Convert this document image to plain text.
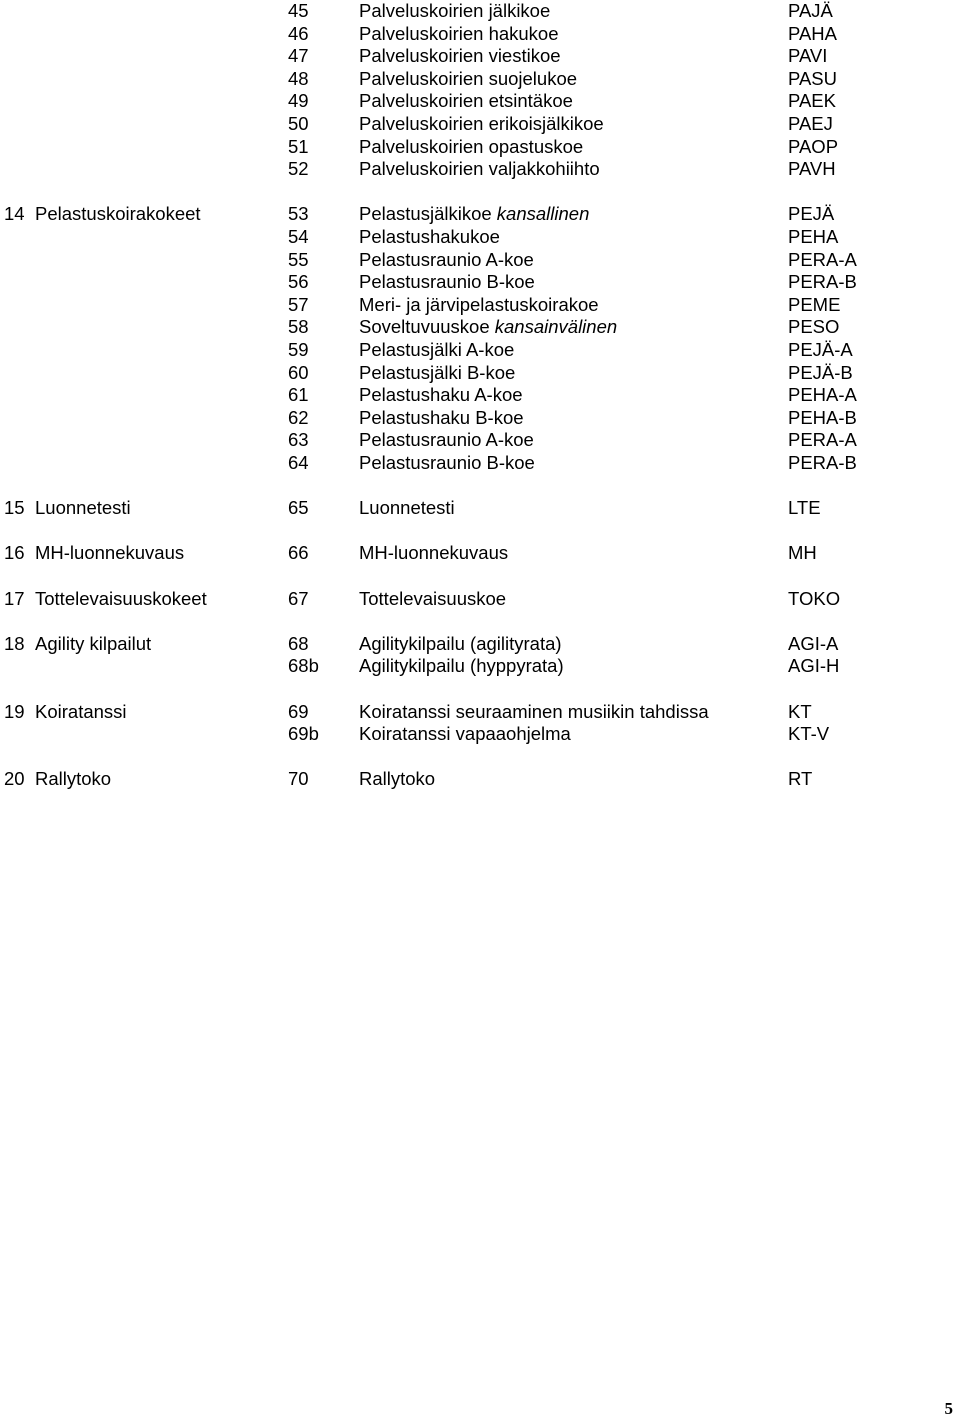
45	Palveluskoirien jälkikoe	PAJÄ
46	Palveluskoirien hakukoe	PAHA
47	Palveluskoirien viestikoe	PAVI
48	Palveluskoirien suojelukoe	PASU
49	Palveluskoirien etsintäkoe	PAEK
50	Palveluskoirien erikoisjälkikoe	PAEJ
51	Palveluskoirien opastuskoe	PAOP
52	Palveluskoirien valjakkohiihto	PAVH
14 Pelastuskoirakokeet	53	Pelastusjälkikoe kansallinen	PEJÄ
54	Pelastushakukoe	PEHA
55	Pelastusraunio A-koe	PERA-A
56	Pelastusraunio B-koe	PERA-B
57	Meri- ja järvipelastuskoirakoe	PEME
58	Soveltuvuuskoe kansainvälinen	PESO
59	Pelastusjälki A-koe	PEJÄ-A
60	Pelastusjälki B-koe	PEJÄ-B
61	Pelastushaku A-koe	PEHA-A
62	Pelastushaku B-koe	PEHA-B
63	Pelastusraunio A-koe	PERA-A
64	Pelastusraunio B-koe	PERA-B
15 Luonnetesti	65	Luonnetesti	LTE
16 MH-luonnekuvaus	66	MH-luonnekuvaus	MH
17 Tottelevaisuuskokeet	67	Tottelevaisuuskoe	TOKO
18 Agility kilpailut	68	Agilitykilpailu (agilityrata)	AGI-A
68b Agilitykilpailu (hyppyrata)	AGI-H
19 Koiratanssi	69	Koiratanssi seuraaminen musiikin tahdissa	KT
69b Koiratanssi vapaaohjelma	KT-V
20 Rallytoko	70	Rallytoko	RT
5
